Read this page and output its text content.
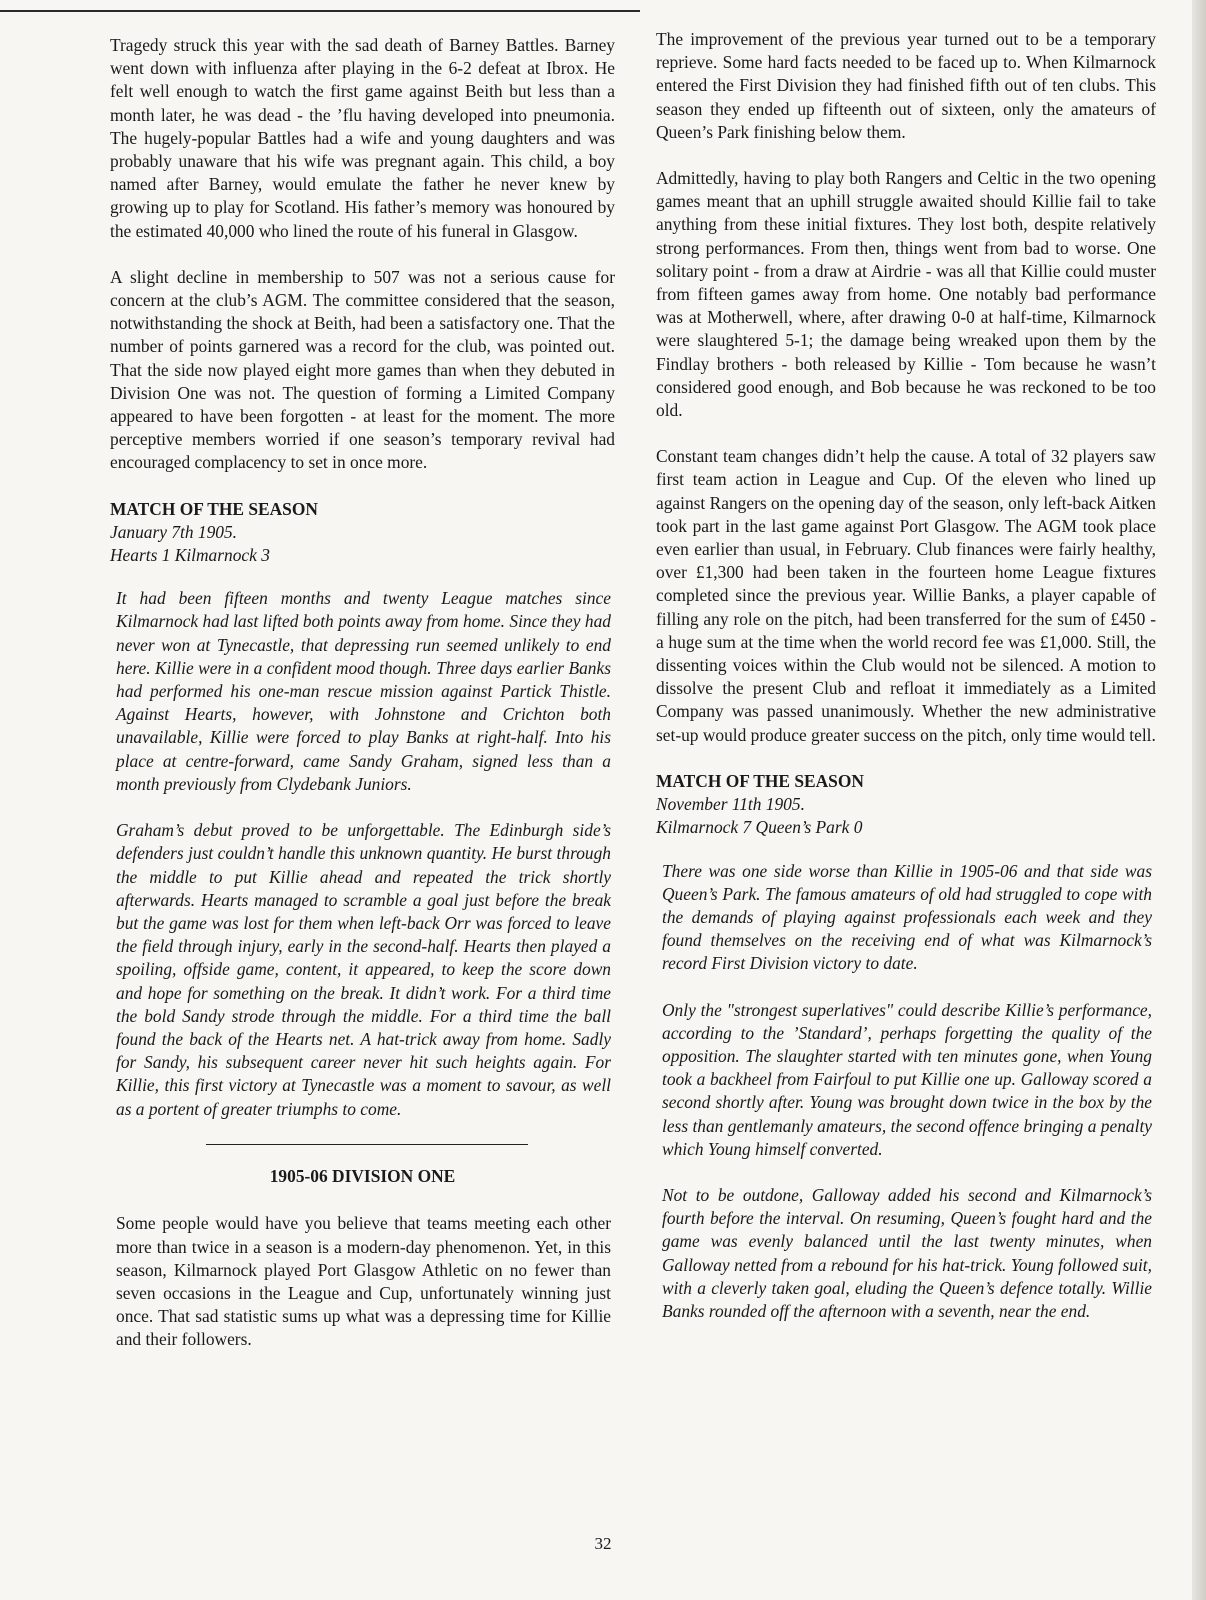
Tragedy struck this year with the sad death of Barney Battles. Barney went down with influenza after playing in the 6-2 defeat at Ibrox. He felt well enough to watch the first game against Beith but less than a month later, he was dead - the ’flu having developed into pneumonia. The hugely-popular Battles had a wife and young daughters and was probably unaware that his wife was pregnant again. This child, a boy named after Barney, would emulate the father he never knew by growing up to play for Scotland. His father’s memory was honoured by the estimated 40,000 who lined the route of his funeral in Glasgow.

A slight decline in membership to 507 was not a serious cause for concern at the club’s AGM. The committee considered that the season, notwithstanding the shock at Beith, had been a satisfactory one. That the number of points garnered was a record for the club, was pointed out. That the side now played eight more games than when they debuted in Division One was not. The question of forming a Limited Company appeared to have been forgotten - at least for the moment. The more perceptive members worried if one season’s temporary revival had encouraged complacency to set in once more.

MATCH OF THE SEASON
January 7th 1905.
Hearts 1 Kilmarnock 3

It had been fifteen months and twenty League matches since Kilmarnock had last lifted both points away from home. Since they had never won at Tynecastle, that depressing run seemed unlikely to end here. Killie were in a confident mood though. Three days earlier Banks had performed his one-man rescue mission against Partick Thistle. Against Hearts, however, with Johnstone and Crichton both unavailable, Killie were forced to play Banks at right-half. Into his place at centre-forward, came Sandy Graham, signed less than a month previously from Clydebank Juniors.

Graham’s debut proved to be unforgettable. The Edinburgh side’s defenders just couldn’t handle this unknown quantity. He burst through the middle to put Killie ahead and repeated the trick shortly afterwards. Hearts managed to scramble a goal just before the break but the game was lost for them when left-back Orr was forced to leave the field through injury, early in the second-half. Hearts then played a spoiling, offside game, content, it appeared, to keep the score down and hope for something on the break. It didn’t work. For a third time the bold Sandy strode through the middle. For a third time the ball found the back of the Hearts net. A hat-trick away from home. Sadly for Sandy, his subsequent career never hit such heights again. For Killie, this first victory at Tynecastle was a moment to savour, as well as a portent of greater triumphs to come.

1905-06 DIVISION ONE

Some people would have you believe that teams meeting each other more than twice in a season is a modern-day phenomenon. Yet, in this season, Kilmarnock played Port Glasgow Athletic on no fewer than seven occasions in the League and Cup, unfortunately winning just once. That sad statistic sums up what was a depressing time for Killie and their followers.

The improvement of the previous year turned out to be a temporary reprieve. Some hard facts needed to be faced up to. When Kilmarnock entered the First Division they had finished fifth out of ten clubs. This season they ended up fifteenth out of sixteen, only the amateurs of Queen’s Park finishing below them.

Admittedly, having to play both Rangers and Celtic in the two opening games meant that an uphill struggle awaited should Killie fail to take anything from these initial fixtures. They lost both, despite relatively strong performances. From then, things went from bad to worse. One solitary point - from a draw at Airdrie - was all that Killie could muster from fifteen games away from home. One notably bad performance was at Motherwell, where, after drawing 0-0 at half-time, Kilmarnock were slaughtered 5-1; the damage being wreaked upon them by the Findlay brothers - both released by Killie - Tom because he wasn’t considered good enough, and Bob because he was reckoned to be too old.

Constant team changes didn’t help the cause. A total of 32 players saw first team action in League and Cup. Of the eleven who lined up against Rangers on the opening day of the season, only left-back Aitken took part in the last game against Port Glasgow. The AGM took place even earlier than usual, in February. Club finances were fairly healthy, over £1,300 had been taken in the fourteen home League fixtures completed since the previous year. Willie Banks, a player capable of filling any role on the pitch, had been transferred for the sum of £450 - a huge sum at the time when the world record fee was £1,000. Still, the dissenting voices within the Club would not be silenced. A motion to dissolve the present Club and refloat it immediately as a Limited Company was passed unanimously. Whether the new administrative set-up would produce greater success on the pitch, only time would tell.

MATCH OF THE SEASON
November 11th 1905.
Kilmarnock 7 Queen’s Park 0

There was one side worse than Killie in 1905-06 and that side was Queen’s Park. The famous amateurs of old had struggled to cope with the demands of playing against professionals each week and they found themselves on the receiving end of what was Kilmarnock’s record First Division victory to date.

Only the "strongest superlatives" could describe Killie’s performance, according to the ’Standard’, perhaps forgetting the quality of the opposition. The slaughter started with ten minutes gone, when Young took a backheel from Fairfoul to put Killie one up. Galloway scored a second shortly after. Young was brought down twice in the box by the less than gentlemanly amateurs, the second offence bringing a penalty which Young himself converted.

Not to be outdone, Galloway added his second and Kilmarnock’s fourth before the interval. On resuming, Queen’s fought hard and the game was evenly balanced until the last twenty minutes, when Galloway netted from a rebound for his hat-trick. Young followed suit, with a cleverly taken goal, eluding the Queen’s defence totally. Willie Banks rounded off the afternoon with a seventh, near the end.

32
